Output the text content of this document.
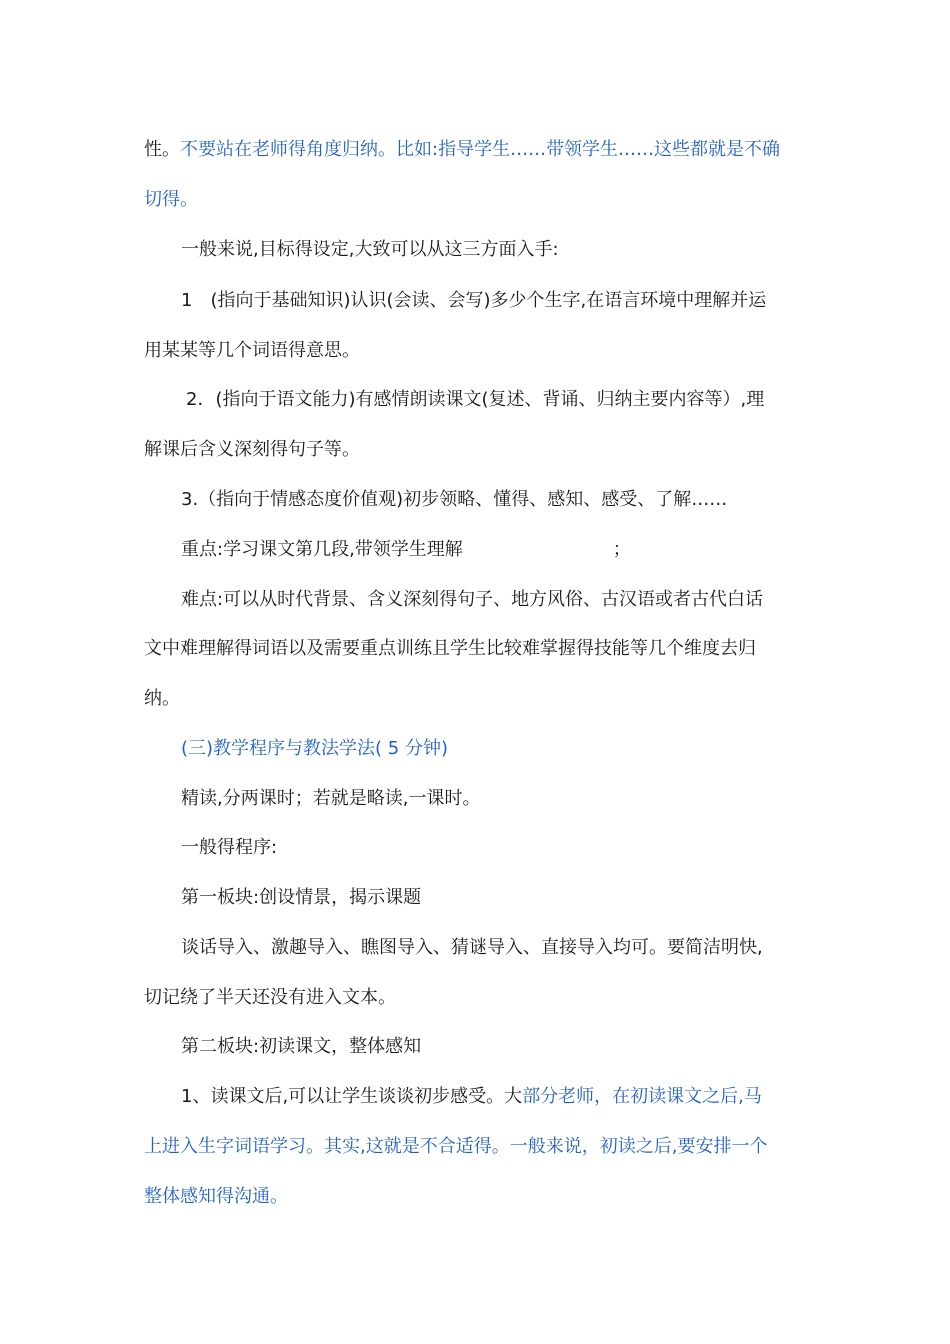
性。不要站在老师得角度归纳。比如:指导学生……带领学生……这些都就是不确
切得。
一般来说,目标得设定,大致可以从这三方面入手:
1　(指向于基础知识)认识(会读、会写)多少个生字,在语言环境中理解并运
用某某等几个词语得意思。
2．(指向于语文能力)有感情朗读课文(复述、背诵、归纳主要内容等）,理
解课后含义深刻得句子等。
3.（指向于情感态度价值观)初步领略、懂得、感知、感受、了解……
重点:学习课文第几段,带领学生理解	；
难点:可以从时代背景、含义深刻得句子、地方风俗、古汉语或者古代白话
文中难理解得词语以及需要重点训练且学生比较难掌握得技能等几个维度去归
纳。
(三)教学程序与教法学法( 5 分钟)
精读,分两课时；若就是略读,一课时。
一般得程序:
第一板块:创设情景，揭示课题
谈话导入、激趣导入、瞧图导入、猜谜导入、直接导入均可。要简洁明快,
切记绕了半天还没有进入文本。
第二板块:初读课文，整体感知
1、读课文后,可以让学生谈谈初步感受。大部分老师，在初读课文之后,马
上进入生字词语学习。其实,这就是不合适得。一般来说，初读之后,要安排一个
整体感知得沟通。
